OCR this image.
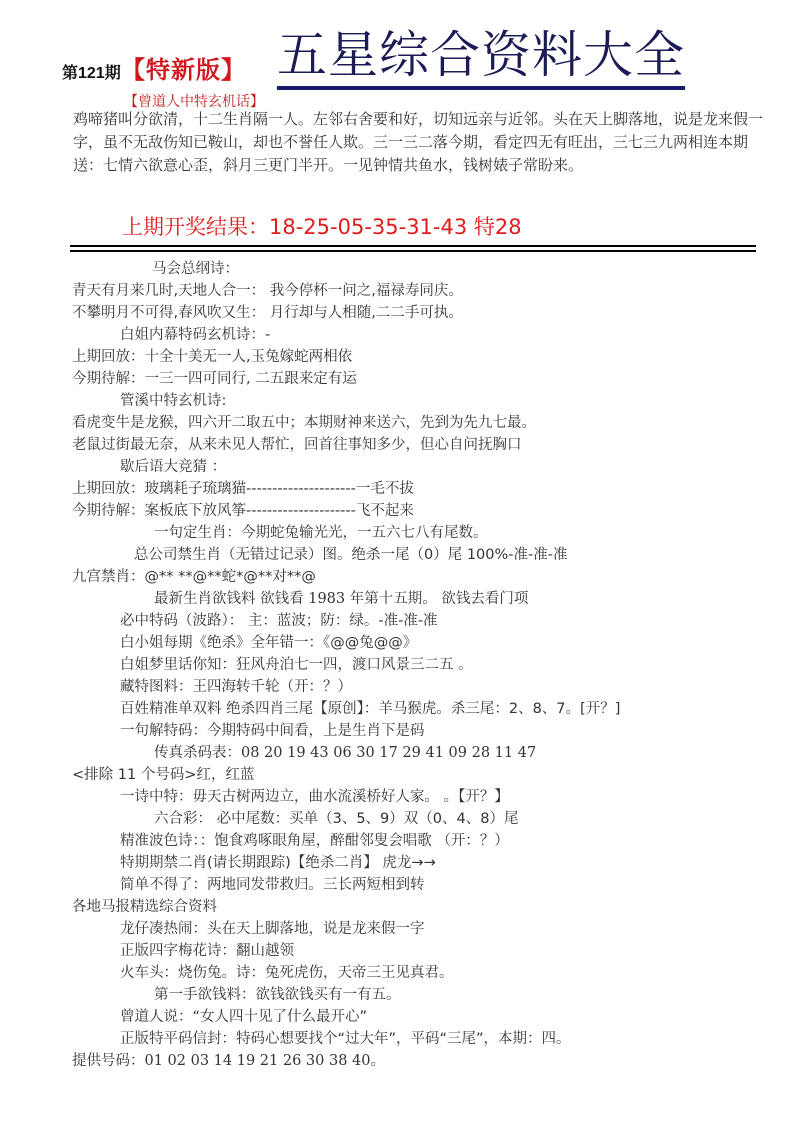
第121期 【特新版】 五星综合资料大全
【曾道人中特玄机话】
鸡啼猪叫分欲清，十二生肖隔一人。左邻右舍要和好，切知远亲与近邻。头在天上脚落地，说是龙来假一字，虽不无敌伤知已鞍山，却也不誉任人欺。三一三二落今期，看定四无有旺出，三七三九两相连本期送：七情六欲意心歪，斜月三更门半开。一见钟情共鱼水，钱树婊子常盼来。
上期开奖结果：18-25-05-35-31-43 特28
马会总纲诗：
青天有月来几时,天地人合一： 我今停杯一问之,福禄寿同庆。
不攀明月不可得,春风吹又生： 月行却与人相随,二二手可执。
白姐内幕特码玄机诗：-
上期回放：十全十美无一人,玉兔嫁蛇两相依
今期待解：一三一四可同行, 二五跟来定有运
管溪中特玄机诗:
看虎变牛是龙猴，四六开二取五中；本期财神来送六，先到为先九七最。
老鼠过街最无奈，从来未见人帮忙，回首往事知多少，但心自问抚胸口
歇后语大竞猜 ：
上期回放：玻璃耗子琉璃猫---------------------一毛不拔
今期待解：案板底下放风筝---------------------飞不起来
一句定生肖：今期蛇兔输光光，一五六七八有尾数。
总公司禁生肖（无错过记录）图。绝杀一尾（0）尾 100%-准-准-准
九宫禁肖：@** **@**蛇*@**对**@
最新生肖欲钱料 欲钱看 1983 年第十五期。 欲钱去看门项
必中特码（波路）： 主：蓝波；防：绿。-准-准-准
白小姐每期《绝杀》全年错一：《@@兔@@》
白姐梦里话你知：狂风舟泊七一四，渡口风景三二五 。
藏特图料：王四海转千轮（开：？）
百姓精准单双料 绝杀四肖三尾【原创】：羊马猴虎。杀三尾：2、8、7。[开？]
一句解特码：今期特码中间看，上是生肖下是码
传真杀码表：08 20 19 43 06 30 17 29 41 09 28 11 47
<排除 11 个号码>红，红蓝
一诗中特：毋天古树两边立，曲水流溪桥好人家。 。【开？】
六合彩： 必中尾数：买单（3、5、9）双（0、4、8）尾
精准波色诗：：饱食鸡啄眼角屋，醉酣邻叟会唱歌 （开：？）
特期期禁二肖(请长期跟踪)【绝杀二肖】 虎龙→→
简单不得了：两地同发带救归。三长两短相到转
各地马报精选综合资料
龙仔凑热闹：头在天上脚落地，说是龙来假一字
正版四字梅花诗：翻山越领
火车头：烧伤兔。诗：兔死虎伤，天帝三王见真君。
第一手欲钱料：欲钱欲钱买有一有五。
曾道人说：“女人四十见了什么最开心”
正版特平码信封：特码心想要找个“过大年”，平码“三尾”，本期：四。
提供号码：01 02 03 14 19 21 26 30 38 40。
